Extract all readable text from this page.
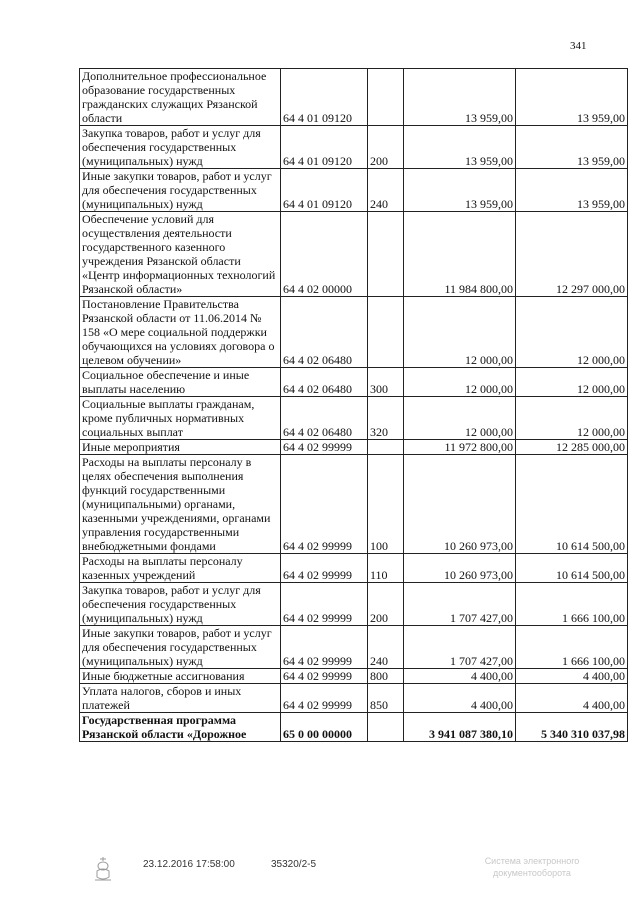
341
Дополнительное профессиональное образование государственных гражданских служащих Рязанской области	64 4 01 09120		13 959,00	13 959,00
Закупка товаров, работ и услуг для обеспечения государственных (муниципальных) нужд	64 4 01 09120	200	13 959,00	13 959,00
Иные закупки товаров, работ и услуг для обеспечения государственных (муниципальных) нужд	64 4 01 09120	240	13 959,00	13 959,00
Обеспечение условий для осуществления деятельности государственного казенного учреждения Рязанской области «Центр информационных технологий Рязанской области»	64 4 02 00000		11 984 800,00	12 297 000,00
Постановление Правительства Рязанской области от 11.06.2014 № 158 «О мере социальной поддержки обучающихся на условиях договора о целевом обучении»	64 4 02 06480		12 000,00	12 000,00
Социальное обеспечение и иные выплаты населению	64 4 02 06480	300	12 000,00	12 000,00
Социальные выплаты гражданам, кроме публичных нормативных социальных выплат	64 4 02 06480	320	12 000,00	12 000,00
Иные мероприятия	64 4 02 99999		11 972 800,00	12 285 000,00
Расходы на выплаты персоналу в целях обеспечения выполнения функций государственными (муниципальными) органами, казенными учреждениями, органами управления государственными внебюджетными фондами	64 4 02 99999	100	10 260 973,00	10 614 500,00
Расходы на выплаты персоналу казенных учреждений	64 4 02 99999	110	10 260 973,00	10 614 500,00
Закупка товаров, работ и услуг для обеспечения государственных (муниципальных) нужд	64 4 02 99999	200	1 707 427,00	1 666 100,00
Иные закупки товаров, работ и услуг для обеспечения государственных (муниципальных) нужд	64 4 02 99999	240	1 707 427,00	1 666 100,00
Иные бюджетные ассигнования	64 4 02 99999	800	4 400,00	4 400,00
Уплата налогов, сборов и иных платежей	64 4 02 99999	850	4 400,00	4 400,00
Государственная программа Рязанской области «Дорожное	65 0 00 00000		3 941 087 380,10	5 340 310 037,98
23.12.2016 17:58:00	35320/2-5	Система электронного документооборота
